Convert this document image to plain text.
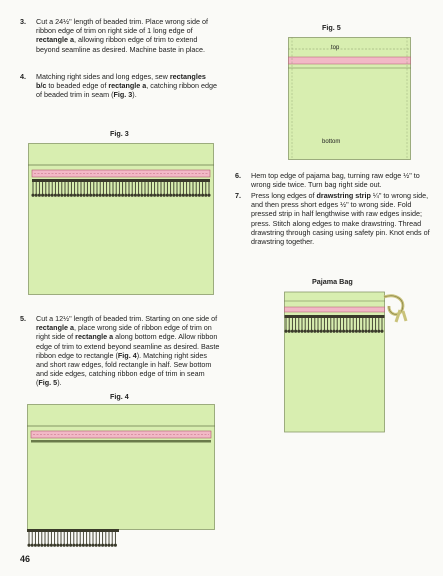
3. Cut a 24½" length of beaded trim. Place wrong side of ribbon edge of trim on right side of 1 long edge of rectangle a, allowing ribbon edge of trim to extend beyond seamline as desired. Machine baste in place.
4. Matching right sides and long edges, sew rectangles b/c to beaded edge of rectangle a, catching ribbon edge of beaded trim in seam (Fig. 3).
Fig. 3
5. Cut a 12½" length of beaded trim. Starting on one side of rectangle a, place wrong side of ribbon edge of trim on right side of rectangle a along bottom edge. Allow ribbon edge of trim to extend beyond seamline as desired. Baste ribbon edge to rectangle (Fig. 4). Matching right sides and short raw edges, fold rectangle in half. Sew bottom and side edges, catching ribbon edge of trim in seam (Fig. 5).
Fig. 4
Fig. 5
top
bottom
6. Hem top edge of pajama bag, turning raw edge ½" to wrong side twice. Turn bag right side out.
7. Press long edges of drawstring strip ¼" to wrong side, and then press short edges ½" to wrong side. Fold pressed strip in half lengthwise with raw edges inside; press. Stitch along edges to make drawstring. Thread drawstring through casing using safety pin. Knot ends of drawstring together.
Pajama Bag
46
